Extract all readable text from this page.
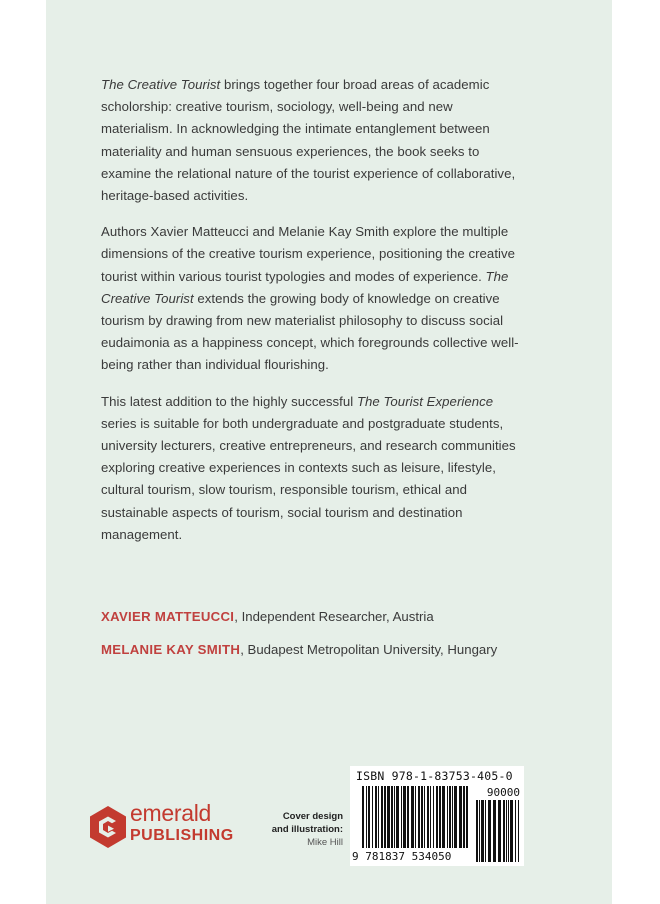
The Creative Tourist brings together four broad areas of academic scholorship: creative tourism, sociology, well-being and new materialism. In acknowledging the intimate entanglement between materiality and human sensuous experiences, the book seeks to examine the relational nature of the tourist experience of collaborative, heritage-based activities.

Authors Xavier Matteucci and Melanie Kay Smith explore the multiple dimensions of the creative tourism experience, positioning the creative tourist within various tourist typologies and modes of experience. The Creative Tourist extends the growing body of knowledge on creative tourism by drawing from new materialist philosophy to discuss social eudaimonia as a happiness concept, which foregrounds collective well-being rather than individual flourishing.

This latest addition to the highly successful The Tourist Experience series is suitable for both undergraduate and postgraduate students, university lecturers, creative entrepreneurs, and research communities exploring creative experiences in contexts such as leisure, lifestyle, cultural tourism, slow tourism, responsible tourism, ethical and sustainable aspects of tourism, social tourism and destination management.

XAVIER MATTEUCCI, Independent Researcher, Austria
MELANIE KAY SMITH, Budapest Metropolitan University, Hungary
emerald
PUBLISHING
Cover design
and illustration:
Mike Hill
ISBN 978-1-83753-405-0
90000
9 781837 534050
